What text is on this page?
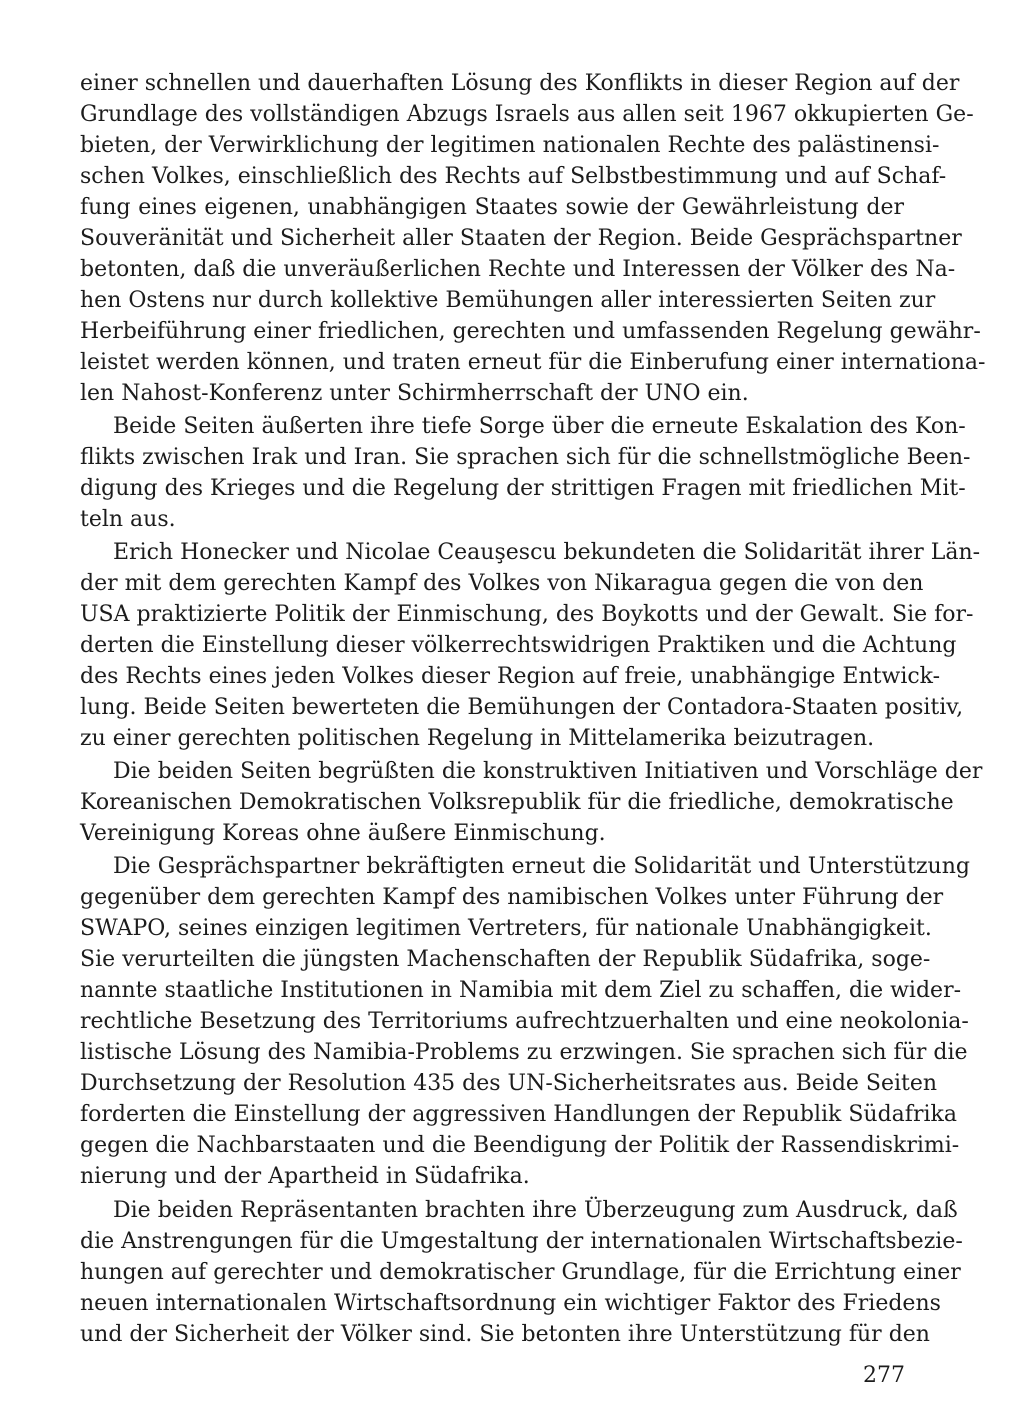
einer schnellen und dauerhaften Lösung des Konflikts in dieser Region auf der
Grundlage des vollständigen Abzugs Israels aus allen seit 1967 okkupierten Ge-
bieten, der Verwirklichung der legitimen nationalen Rechte des palästinensi-
schen Volkes, einschließlich des Rechts auf Selbstbestimmung und auf Schaf-
fung eines eigenen, unabhängigen Staates sowie der Gewährleistung der
Souveränität und Sicherheit aller Staaten der Region. Beide Gesprächspartner
betonten, daß die unveräußerlichen Rechte und Interessen der Völker des Na-
hen Ostens nur durch kollektive Bemühungen aller interessierten Seiten zur
Herbeiführung einer friedlichen, gerechten und umfassenden Regelung gewähr-
leistet werden können, und traten erneut für die Einberufung einer internationa-
len Nahost-Konferenz unter Schirmherrschaft der UNO ein.
Beide Seiten äußerten ihre tiefe Sorge über die erneute Eskalation des Kon-
flikts zwischen Irak und Iran. Sie sprachen sich für die schnellstmögliche Been-
digung des Krieges und die Regelung der strittigen Fragen mit friedlichen Mit-
teln aus.
Erich Honecker und Nicolae Ceauşescu bekundeten die Solidarität ihrer Län-
der mit dem gerechten Kampf des Volkes von Nikaragua gegen die von den
USA praktizierte Politik der Einmischung, des Boykotts und der Gewalt. Sie for-
derten die Einstellung dieser völkerrechtswidrigen Praktiken und die Achtung
des Rechts eines jeden Volkes dieser Region auf freie, unabhängige Entwick-
lung. Beide Seiten bewerteten die Bemühungen der Contadora-Staaten positiv,
zu einer gerechten politischen Regelung in Mittelamerika beizutragen.
Die beiden Seiten begrüßten die konstruktiven Initiativen und Vorschläge der
Koreanischen Demokratischen Volksrepublik für die friedliche, demokratische
Vereinigung Koreas ohne äußere Einmischung.
Die Gesprächspartner bekräftigten erneut die Solidarität und Unterstützung
gegenüber dem gerechten Kampf des namibischen Volkes unter Führung der
SWAPO, seines einzigen legitimen Vertreters, für nationale Unabhängigkeit.
Sie verurteilten die jüngsten Machenschaften der Republik Südafrika, soge-
nannte staatliche Institutionen in Namibia mit dem Ziel zu schaffen, die wider-
rechtliche Besetzung des Territoriums aufrechtzuerhalten und eine neokolonia-
listische Lösung des Namibia-Problems zu erzwingen. Sie sprachen sich für die
Durchsetzung der Resolution 435 des UN-Sicherheitsrates aus. Beide Seiten
forderten die Einstellung der aggressiven Handlungen der Republik Südafrika
gegen die Nachbarstaaten und die Beendigung der Politik der Rassendiskrimi-
nierung und der Apartheid in Südafrika.
Die beiden Repräsentanten brachten ihre Überzeugung zum Ausdruck, daß
die Anstrengungen für die Umgestaltung der internationalen Wirtschaftsbezie-
hungen auf gerechter und demokratischer Grundlage, für die Errichtung einer
neuen internationalen Wirtschaftsordnung ein wichtiger Faktor des Friedens
und der Sicherheit der Völker sind. Sie betonten ihre Unterstützung für den
277
